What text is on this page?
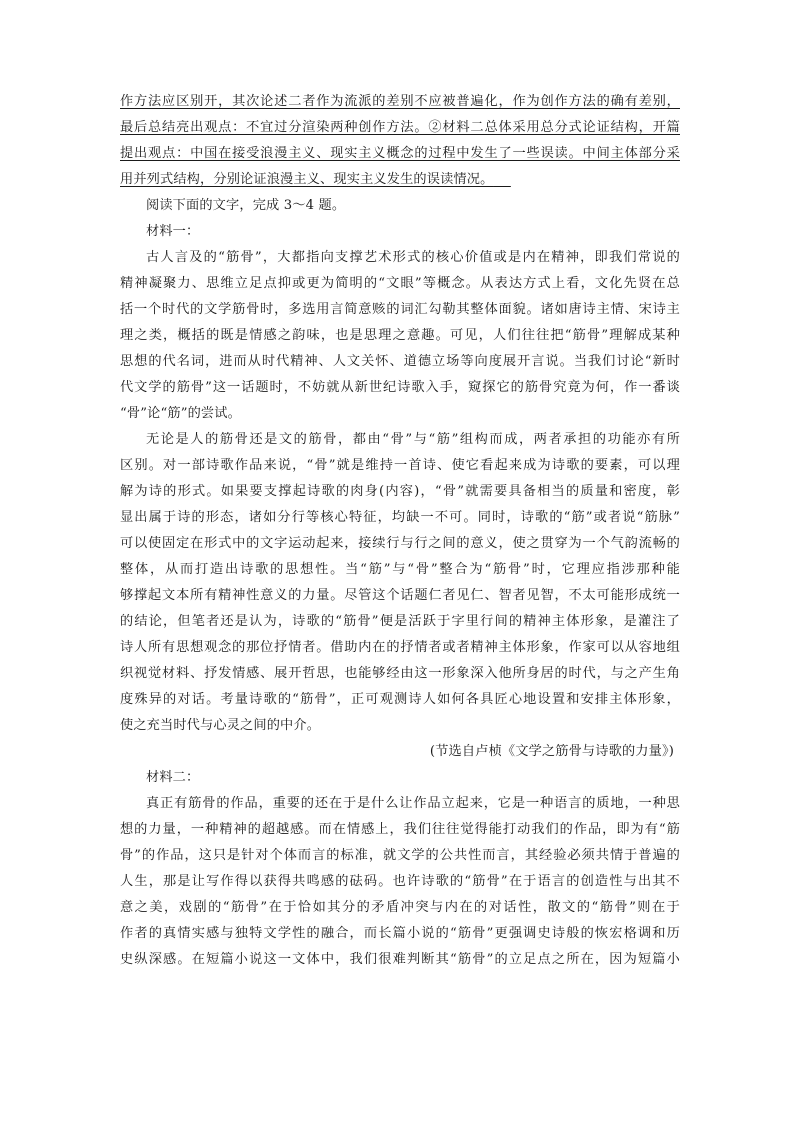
作方法应区别开，其次论述二者作为流派的差别不应被普遍化，作为创作方法的确有差别，
最后总结亮出观点：不宜过分渲染两种创作方法。②材料二总体采用总分式论证结构，开篇
提出观点：中国在接受浪漫主义、现实主义概念的过程中发生了一些误读。中间主体部分采
用并列式结构，分别论证浪漫主义、现实主义发生的误读情况。
阅读下面的文字，完成 3～4 题。
材料一：
古人言及的“筋骨”，大都指向支撑艺术形式的核心价值或是内在精神，即我们常说的
精神凝聚力、思维立足点抑或更为简明的“文眼”等概念。从表达方式上看，文化先贤在总
括一个时代的文学筋骨时，多选用言简意赅的词汇勾勒其整体面貌。诸如唐诗主情、宋诗主
理之类，概括的既是情感之韵味，也是思理之意趣。可见，人们往往把“筋骨”理解成某种
思想的代名词，进而从时代精神、人文关怀、道德立场等向度展开言说。当我们讨论“新时
代文学的筋骨”这一话题时，不妨就从新世纪诗歌入手，窥探它的筋骨究竟为何，作一番谈
“骨”论“筋”的尝试。
无论是人的筋骨还是文的筋骨，都由“骨”与“筋”组构而成，两者承担的功能亦有所
区别。对一部诗歌作品来说，“骨”就是维持一首诗、使它看起来成为诗歌的要素，可以理
解为诗的形式。如果要支撑起诗歌的肉身(内容)，“骨”就需要具备相当的质量和密度，彰
显出属于诗的形态，诸如分行等核心特征，均缺一不可。同时，诗歌的“筋”或者说“筋脉”
可以使固定在形式中的文字运动起来，接续行与行之间的意义，使之贯穿为一个气韵流畅的
整体，从而打造出诗歌的思想性。当“筋”与“骨”整合为“筋骨”时，它理应指涉那种能
够撑起文本所有精神性意义的力量。尽管这个话题仁者见仁、智者见智，不太可能形成统一
的结论，但笔者还是认为，诗歌的“筋骨”便是活跃于字里行间的精神主体形象，是灌注了
诗人所有思想观念的那位抒情者。借助内在的抒情者或者精神主体形象，作家可以从容地组
织视觉材料、抒发情感、展开哲思，也能够经由这一形象深入他所身居的时代，与之产生角
度殊异的对话。考量诗歌的“筋骨”，正可观测诗人如何各具匠心地设置和安排主体形象，
使之充当时代与心灵之间的中介。
(节选自卢桢《文学之筋骨与诗歌的力量》)
材料二：
真正有筋骨的作品，重要的还在于是什么让作品立起来，它是一种语言的质地，一种思
想的力量，一种精神的超越感。而在情感上，我们往往觉得能打动我们的作品，即为有“筋
骨”的作品，这只是针对个体而言的标准，就文学的公共性而言，其经验必须共情于普遍的
人生，那是让写作得以获得共鸣感的砝码。也许诗歌的“筋骨”在于语言的创造性与出其不
意之美，戏剧的“筋骨”在于恰如其分的矛盾冲突与内在的对话性，散文的“筋骨”则在于
作者的真情实感与独特文学性的融合，而长篇小说的“筋骨”更强调史诗般的恢宏格调和历
史纵深感。在短篇小说这一文体中，我们很难判断其“筋骨”的立足点之所在，因为短篇小
